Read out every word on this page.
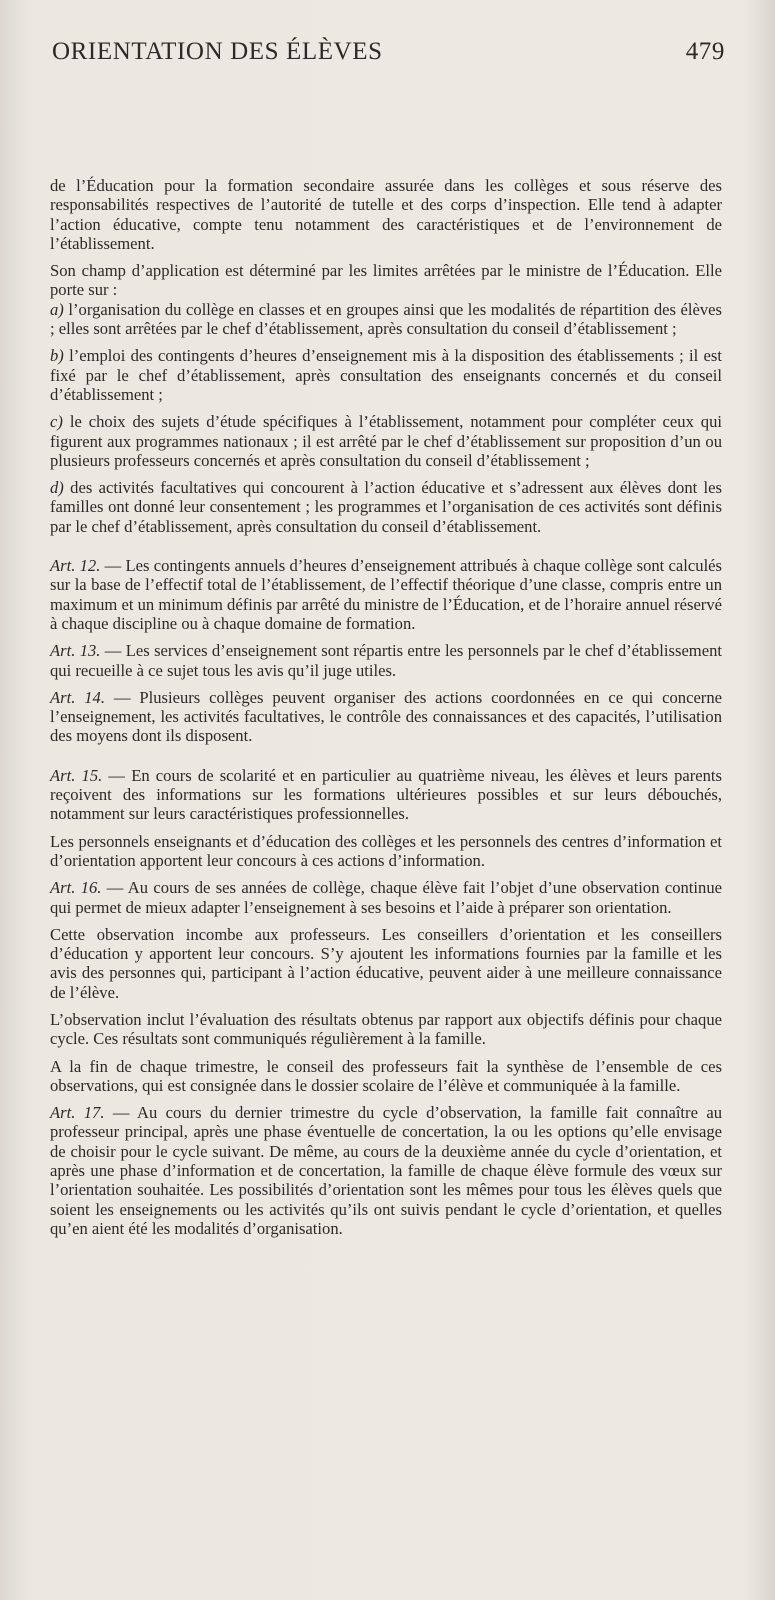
ORIENTATION DES ÉLÈVES	479

de l’Éducation pour la formation secondaire assurée dans les collèges et sous réserve des responsabilités respectives de l’autorité de tutelle et des corps d’inspection. Elle tend à adapter l’action éducative, compte tenu notamment des caractéristiques et de l’environnement de l’établissement.

Son champ d’application est déterminé par les limites arrêtées par le ministre de l’Éducation. Elle porte sur :
a) l’organisation du collège en classes et en groupes ainsi que les modalités de répartition des élèves ; elles sont arrêtées par le chef d’établissement, après consultation du conseil d’établissement ;

b) l’emploi des contingents d’heures d’enseignement mis à la disposition des établissements ; il est fixé par le chef d’établissement, après consultation des enseignants concernés et du conseil d’établissement ;

c) le choix des sujets d’étude spécifiques à l’établissement, notamment pour compléter ceux qui figurent aux programmes nationaux ; il est arrêté par le chef d’établissement sur proposition d’un ou plusieurs professeurs concernés et après consultation du conseil d’établissement ;

d) des activités facultatives qui concourent à l’action éducative et s’adressent aux élèves dont les familles ont donné leur consentement ; les programmes et l’organisation de ces activités sont définis par le chef d’établissement, après consultation du conseil d’établissement.

Art. 12. — Les contingents annuels d’heures d’enseignement attribués à chaque collège sont calculés sur la base de l’effectif total de l’établissement, de l’effectif théorique d’une classe, compris entre un maximum et un minimum définis par arrêté du ministre de l’Éducation, et de l’horaire annuel réservé à chaque discipline ou à chaque domaine de formation.

Art. 13. — Les services d’enseignement sont répartis entre les personnels par le chef d’établissement qui recueille à ce sujet tous les avis qu’il juge utiles.

Art. 14. — Plusieurs collèges peuvent organiser des actions coordonnées en ce qui concerne l’enseignement, les activités facultatives, le contrôle des connaissances et des capacités, l’utilisation des moyens dont ils disposent.

Art. 15. — En cours de scolarité et en particulier au quatrième niveau, les élèves et leurs parents reçoivent des informations sur les formations ultérieures possibles et sur leurs débouchés, notamment sur leurs caractéristiques professionnelles.

Les personnels enseignants et d’éducation des collèges et les personnels des centres d’information et d’orientation apportent leur concours à ces actions d’information.

Art. 16. — Au cours de ses années de collège, chaque élève fait l’objet d’une observation continue qui permet de mieux adapter l’enseignement à ses besoins et l’aide à préparer son orientation.

Cette observation incombe aux professeurs. Les conseillers d’orientation et les conseillers d’éducation y apportent leur concours. S’y ajoutent les informations fournies par la famille et les avis des personnes qui, participant à l’action éducative, peuvent aider à une meilleure connaissance de l’élève.

L’observation inclut l’évaluation des résultats obtenus par rapport aux objectifs définis pour chaque cycle. Ces résultats sont communiqués régulièrement à la famille.

A la fin de chaque trimestre, le conseil des professeurs fait la synthèse de l’ensemble de ces observations, qui est consignée dans le dossier scolaire de l’élève et communiquée à la famille.

Art. 17. — Au cours du dernier trimestre du cycle d’observation, la famille fait connaître au professeur principal, après une phase éventuelle de concertation, la ou les options qu’elle envisage de choisir pour le cycle suivant. De même, au cours de la deuxième année du cycle d’orientation, et après une phase d’information et de concertation, la famille de chaque élève formule des vœux sur l’orientation souhaitée. Les possibilités d’orientation sont les mêmes pour tous les élèves quels que soient les enseignements ou les activités qu’ils ont suivis pendant le cycle d’orientation, et quelles qu’en aient été les modalités d’organisation.
